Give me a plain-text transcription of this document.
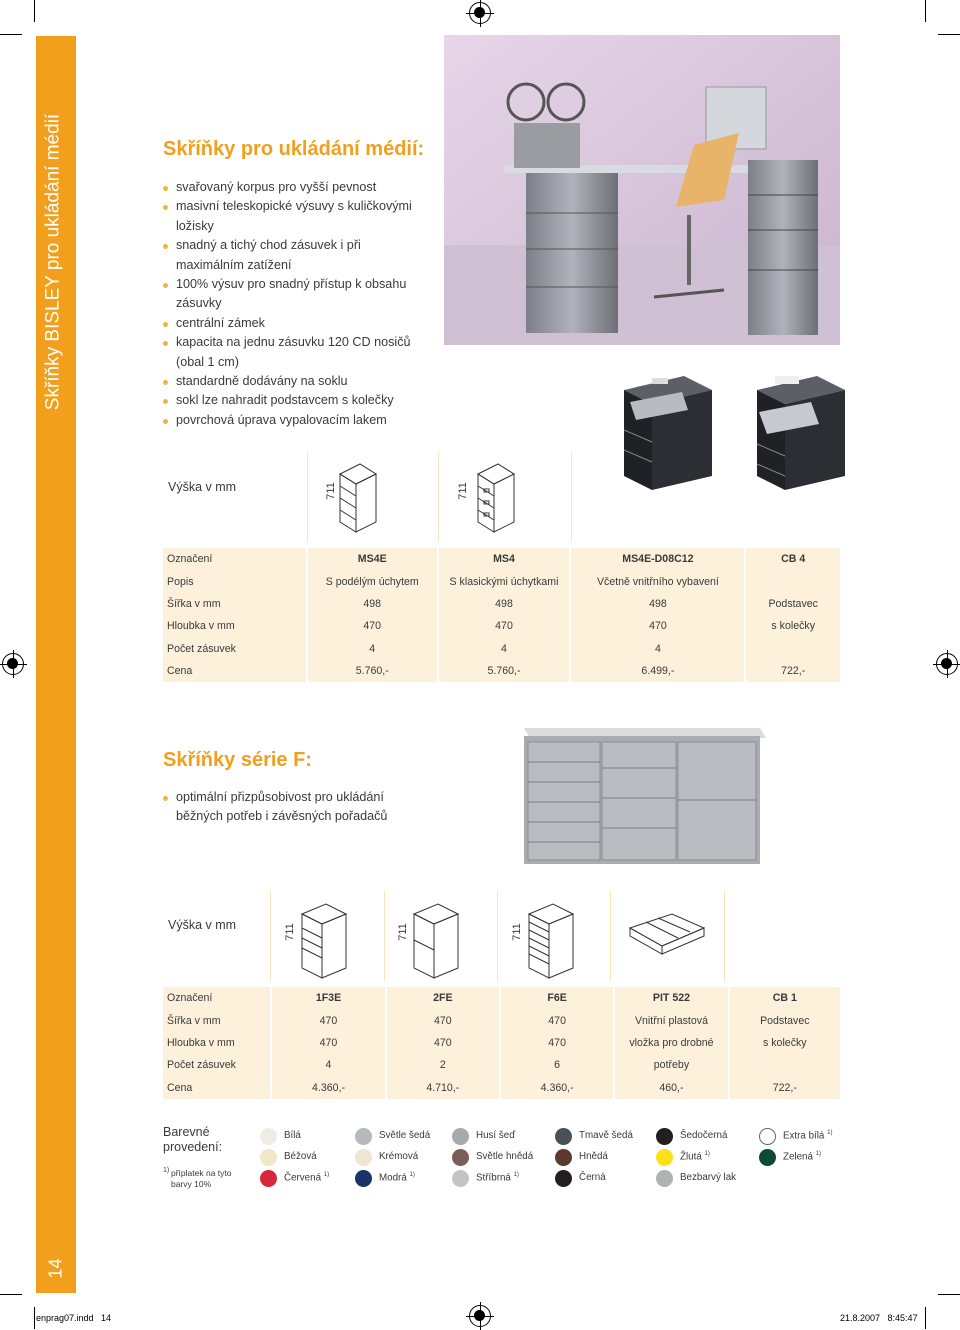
Skříňky BISLEY pro ukládání médií
14
Skříňky pro ukládání médií:
svařovaný korpus pro vyšší pevnost
masivní teleskopické výsuvy s kuličkovými ložisky
snadný a tichý chod zásuvek i při maximálním zatížení
100% výsuv pro snadný přístup k obsahu zásuvky
centrální zámek
kapacita na jednu zásuvku 120 CD nosičů (obal 1 cm)
standardně dodávány na soklu
sokl lze nahradit podstavcem s kolečky
povrchová úprava vypalovacím lakem
Výška v mm	711	711
Označení	MS4E	MS4	MS4E-D08C12	CB 4
Popis	S podélým úchytem	S klasickými úchytkami	Včetně vnitřního vybavení	
Šířka v mm	498	498	498	Podstavec
Hloubka v mm	470	470	470	s kolečky
Počet zásuvek	4	4	4	
Cena	5.760,-	5.760,-	6.499,-	722,-
Skříňky série F:
optimální přizpůsobivost pro ukládání běžných potřeb i závěsných pořadačů
Výška v mm	711	711	711
Označení	1F3E	2FE	F6E	PIT 522	CB 1
Šířka v mm	470	470	470	Vnitřní plastová	Podstavec
Hloubka v mm	470	470	470	vložka pro drobné	s kolečky
Počet zásuvek	4	2	6	potřeby	
Cena	4.360,-	4.710,-	4.360,-	460,-	722,-
Barevné provedení:
1) příplatek na tyto barvy 10%
Bílá	Světle šedá	Husí šeď	Tmavě šedá	Šedočerná	Extra bílá $^{1)}$
Béžová	Krémová	Světle hnědá	Hnědá	Žlutá $^{1)}$	Zelená $^{1)}$
Červená $^{1)}$	Modrá $^{1)}$	Stříbrná $^{1)}$	Černá	Bezbarvý lak
enprag07.indd   14	21.8.2007   8:45:47
